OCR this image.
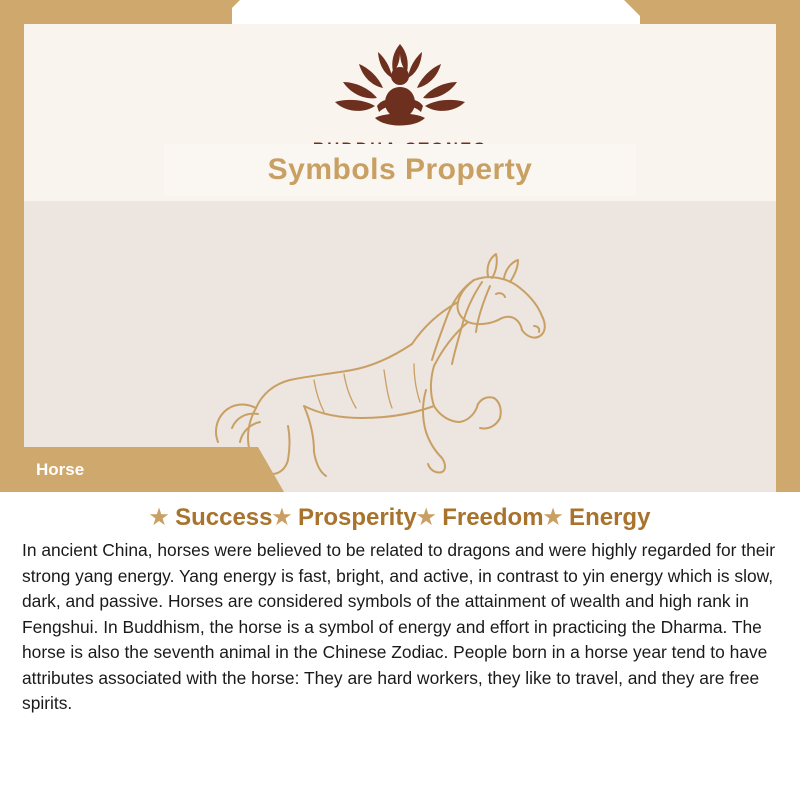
Symbols Property
Horse
★ Success★ Prosperity★ Freedom★ Energy
In ancient China, horses were believed to be related to dragons and were highly regarded for their strong yang energy. Yang energy is fast, bright, and active, in contrast to yin energy which is slow, dark, and passive. Horses are considered symbols of the attainment of wealth and high rank in Fengshui. In Buddhism, the horse is a symbol of energy and effort in practicing the Dharma. The horse is also the seventh animal in the Chinese Zodiac. People born in a horse year tend to have attributes associated with the horse: They are hard workers, they like to travel, and they are free spirits.
